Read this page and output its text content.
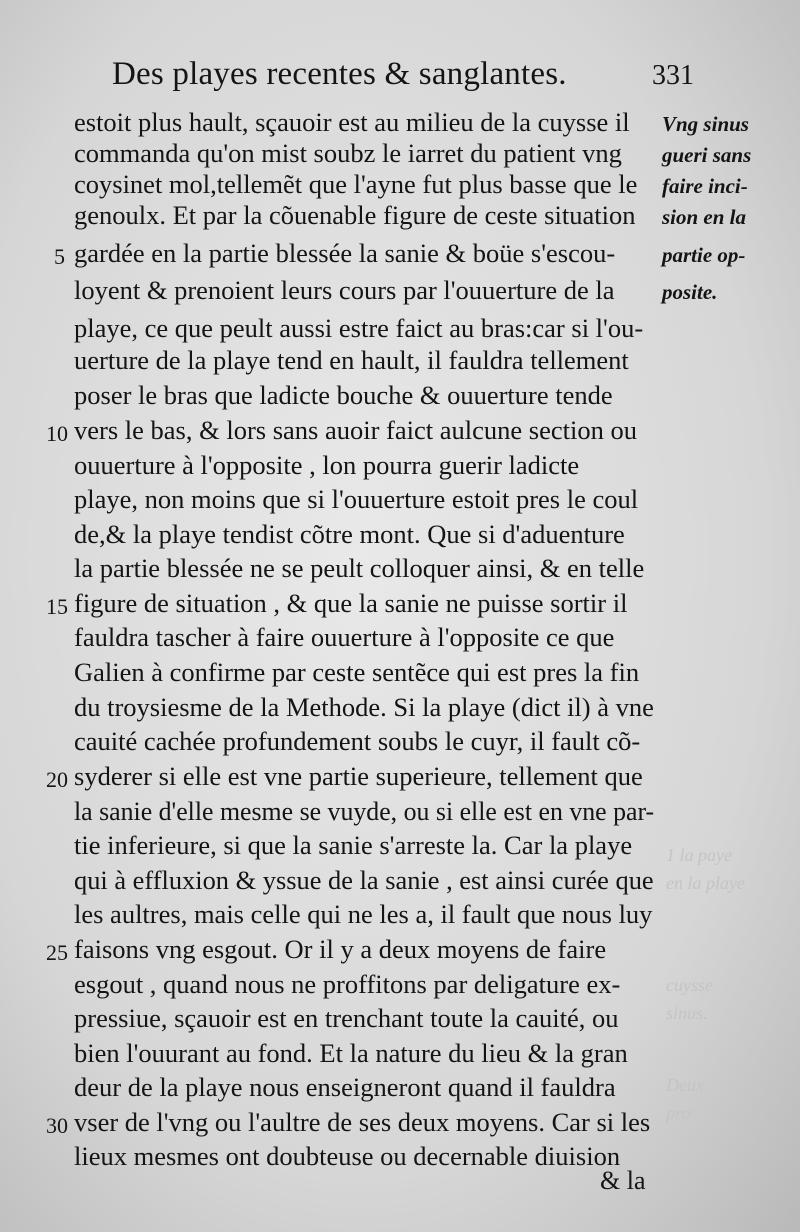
Des playes recentes & sanglantes.	331
estoit plus hault, sçauoir est au milieu de la cuysse il
commanda qu'on mist soubz le iarret du patient vng
coysinet mol,tellemẽt que l'ayne fut plus basse que le
genoulx. Et par la cõuenable figure de ceste situation
gardée en la partie blessée la sanie & boüe s'escou-
loyent & prenoient leurs cours par l'ouuerture de la
playe, ce que peult aussi estre faict au bras:car si l'ou-
uerture de la playe tend en hault, il fauldra tellement
poser le bras que ladicte bouche & ouuerture tende
vers le bas, & lors sans auoir faict aulcune section ou
ouuerture à l'opposite , lon pourra guerir ladicte
playe, non moins que si l'ouuerture estoit pres le coul
de,& la playe tendist cõtre mont. Que si d'aduenture
la partie blessée ne se peult colloquer ainsi, & en telle
figure de situation , & que la sanie ne puisse sortir il
fauldra tascher à faire ouuerture à l'opposite ce que
Galien à confirme par ceste sentẽce qui est pres la fin
du troysiesme de la Methode. Si la playe (dict il) à vne
cauité cachée profundement soubs le cuyr, il fault cõ-
syderer si elle est vne partie superieure, tellement que
la sanie d'elle mesme se vuyde, ou si elle est en vne par-
tie inferieure, si que la sanie s'arreste la. Car la playe
qui à effluxion & yssue de la sanie , est ainsi curée que
les aultres, mais celle qui ne les a, il fault que nous luy
faisons vng esgout. Or il y a deux moyens de faire
esgout , quand nous ne proffitons par deligature ex-
pressiue, sçauoir est en trenchant toute la cauité, ou
bien l'ouurant au fond. Et la nature du lieu & la gran
deur de la playe nous enseigneront quand il fauldra
vser de l'vng ou l'aultre de ses deux moyens. Car si les
lieux mesmes ont doubteuse ou decernable diuision
5
10
15
20
25
30
Vng sinus
gueri sans
faire inci-
sion en la
partie op-
posite.
& la
1 la paye
en la playe
cuysse
sinus.
Deux
pro
